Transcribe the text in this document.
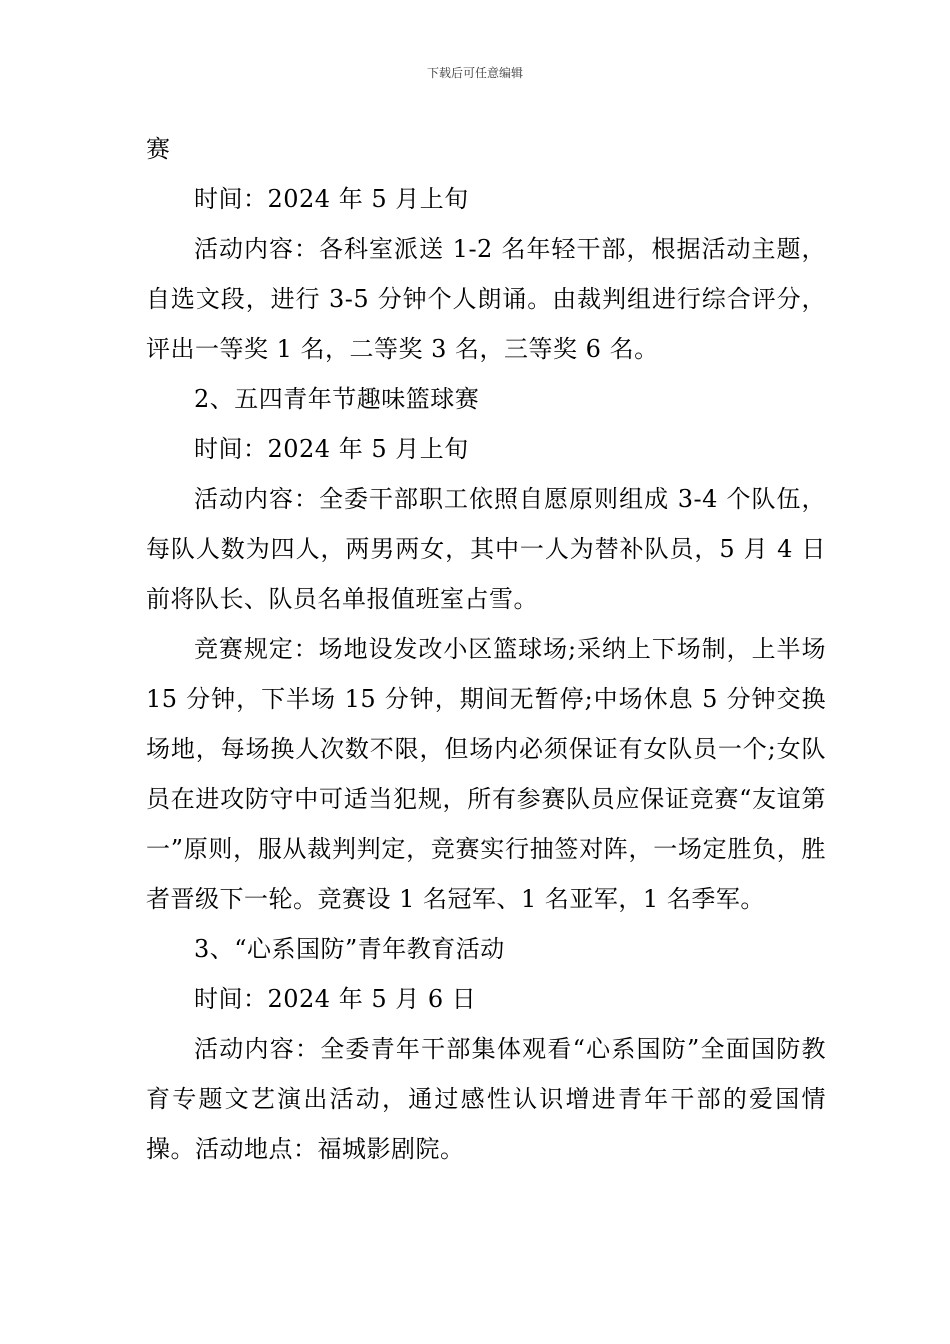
下载后可任意编辑

赛

时间：2024 年 5 月上旬

活动内容：各科室派送 1-2 名年轻干部，根据活动主题，自选文段，进行 3-5 分钟个人朗诵。由裁判组进行综合评分，评出一等奖 1 名，二等奖 3 名，三等奖 6 名。

2、五四青年节趣味篮球赛

时间：2024 年 5 月上旬

活动内容：全委干部职工依照自愿原则组成 3-4 个队伍，每队人数为四人，两男两女，其中一人为替补队员，5 月 4 日前将队长、队员名单报值班室占雪。

竞赛规定：场地设发改小区篮球场;采纳上下场制，上半场 15 分钟，下半场 15 分钟，期间无暂停;中场休息 5 分钟交换场地，每场换人次数不限，但场内必须保证有女队员一个;女队员在进攻防守中可适当犯规，所有参赛队员应保证竞赛“友谊第一”原则，服从裁判判定，竞赛实行抽签对阵，一场定胜负，胜者晋级下一轮。竞赛设 1 名冠军、1 名亚军，1 名季军。

3、“心系国防”青年教育活动

时间：2024 年 5 月 6 日

活动内容：全委青年干部集体观看“心系国防”全面国防教育专题文艺演出活动，通过感性认识增进青年干部的爱国情操。活动地点：福城影剧院。
